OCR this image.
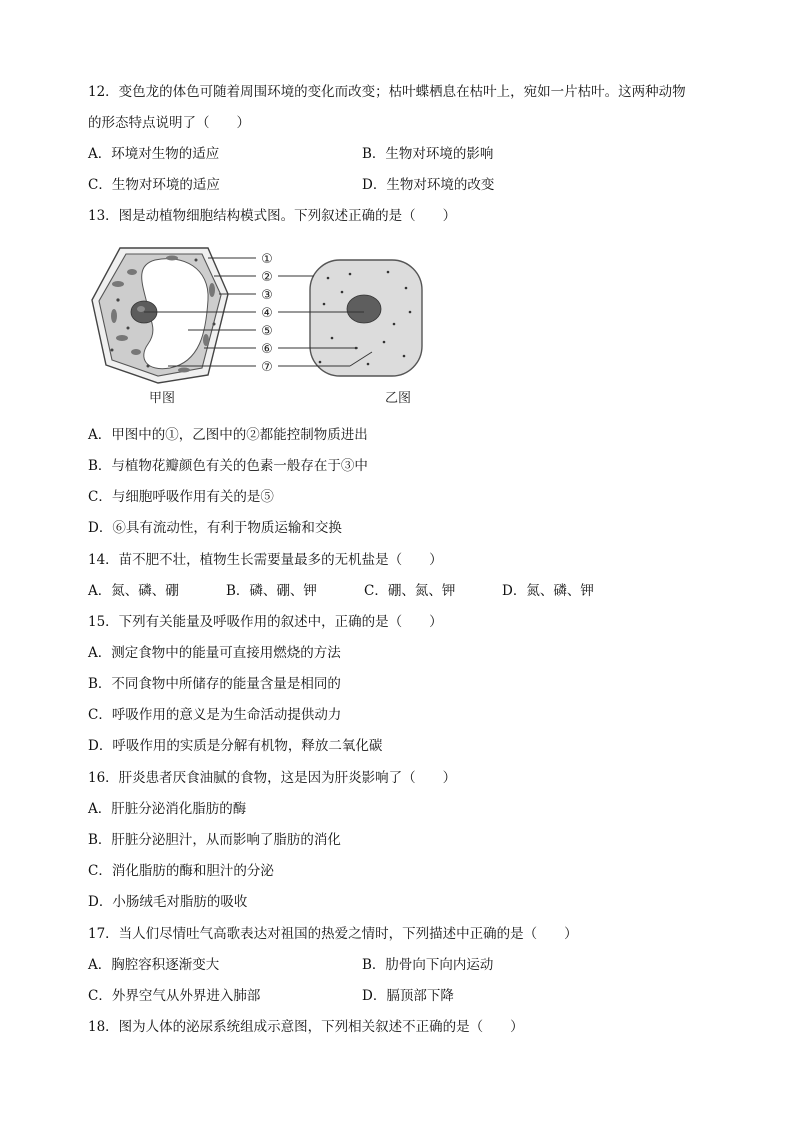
12．变色龙的体色可随着周围环境的变化而改变；枯叶蝶栖息在枯叶上，宛如一片枯叶。这两种动物
的形态特点说明了（　　）
A．环境对生物的适应	B．生物对环境的影响
C．生物对环境的适应	D．生物对环境的改变
13．图是动植物细胞结构模式图。下列叙述正确的是（　　）
①
②
③
④
⑤
⑥
⑦
甲图	乙图
A．甲图中的①，乙图中的②都能控制物质进出
B．与植物花瓣颜色有关的色素一般存在于③中
C．与细胞呼吸作用有关的是⑤
D．⑥具有流动性，有利于物质运输和交换
14．苗不肥不壮，植物生长需要量最多的无机盐是（　　）
A．氮、磷、硼	B．磷、硼、钾	C．硼、氮、钾	D．氮、磷、钾
15．下列有关能量及呼吸作用的叙述中，正确的是（　　）
A．测定食物中的能量可直接用燃烧的方法
B．不同食物中所储存的能量含量是相同的
C．呼吸作用的意义是为生命活动提供动力
D．呼吸作用的实质是分解有机物，释放二氧化碳
16．肝炎患者厌食油腻的食物，这是因为肝炎影响了（　　）
A．肝脏分泌消化脂肪的酶
B．肝脏分泌胆汁，从而影响了脂肪的消化
C．消化脂肪的酶和胆汁的分泌
D．小肠绒毛对脂肪的吸收
17．当人们尽情吐气高歌表达对祖国的热爱之情时，下列描述中正确的是（　　）
A．胸腔容积逐渐变大	B．肋骨向下向内运动
C．外界空气从外界进入肺部	D．膈顶部下降
18．图为人体的泌尿系统组成示意图，下列相关叙述不正确的是（　　）
